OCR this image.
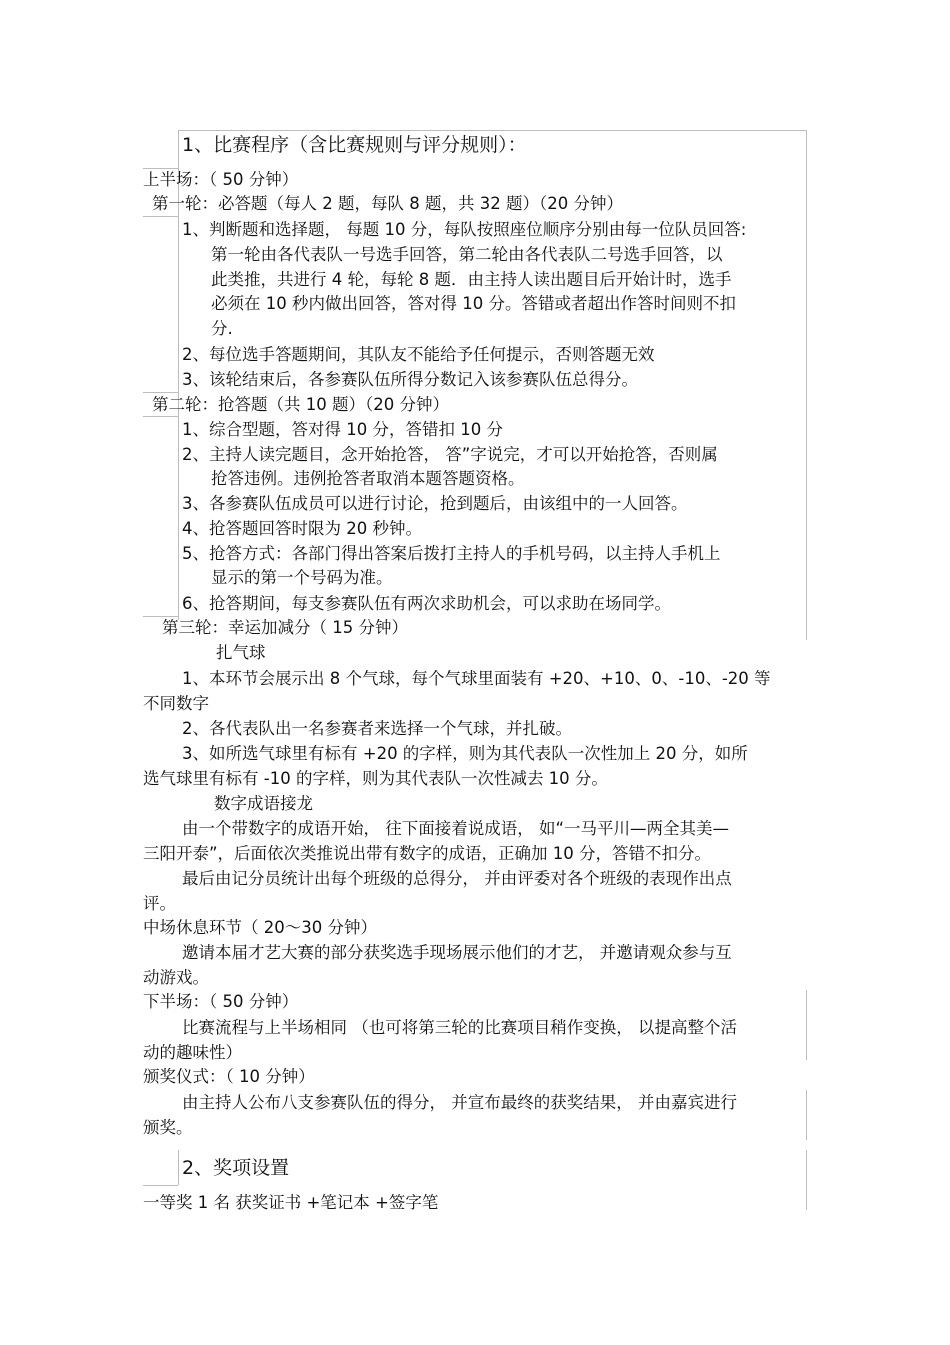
1、比赛程序（含比赛规则与评分规则）：
上半场：（ 50 分钟）
第一轮：必答题（每人 2 题，每队 8 题，共 32 题）（20 分钟）
1、判断题和选择题， 每题 10 分，每队按照座位顺序分别由每一位队员回答:
第一轮由各代表队一号选手回答，第二轮由各代表队二号选手回答，以
此类推，共进行 4 轮，每轮 8 题．由主持人读出题目后开始计时，选手
必须在 10 秒内做出回答，答对得 10 分。答错或者超出作答时间则不扣
分.
2、每位选手答题期间，其队友不能给予任何提示，否则答题无效
3、该轮结束后，各参赛队伍所得分数记入该参赛队伍总得分。
第二轮：抢答题（共 10 题）（20 分钟）
1、综合型题，答对得 10 分，答错扣 10 分
2、主持人读完题目，念开始抢答， 答”字说完，才可以开始抢答，否则属
抢答违例。违例抢答者取消本题答题资格。
3、各参赛队伍成员可以进行讨论，抢到题后，由该组中的一人回答。
4、抢答题回答时限为 20 秒钟。
5、抢答方式：各部门得出答案后拨打主持人的手机号码，以主持人手机上
显示的第一个号码为准。
6、抢答期间，每支参赛队伍有两次求助机会，可以求助在场同学。
第三轮：幸运加减分（ 15 分钟）
扎气球
1、本环节会展示出 8 个气球，每个气球里面装有 +20、+10、0、-10、-20 等
不同数字
2、各代表队出一名参赛者来选择一个气球，并扎破。
3、如所选气球里有标有 +20 的字样，则为其代表队一次性加上 20 分，如所
选气球里有标有 -10 的字样，则为其代表队一次性减去 10 分。
数字成语接龙
由一个带数字的成语开始， 往下面接着说成语， 如“一马平川—两全其美—
三阳开泰”，后面依次类推说出带有数字的成语，正确加 10 分，答错不扣分。
最后由记分员统计出每个班级的总得分， 并由评委对各个班级的表现作出点
评。
中场休息环节（ 20～30 分钟）
邀请本届才艺大赛的部分获奖选手现场展示他们的才艺， 并邀请观众参与互
动游戏。
下半场：（ 50 分钟）
比赛流程与上半场相同 （也可将第三轮的比赛项目稍作变换， 以提高整个活
动的趣味性）
颁奖仪式：（ 10 分钟）
由主持人公布八支参赛队伍的得分， 并宣布最终的获奖结果， 并由嘉宾进行
颁奖。
2、奖项设置
一等奖 1 名 获奖证书 +笔记本 +签字笔
